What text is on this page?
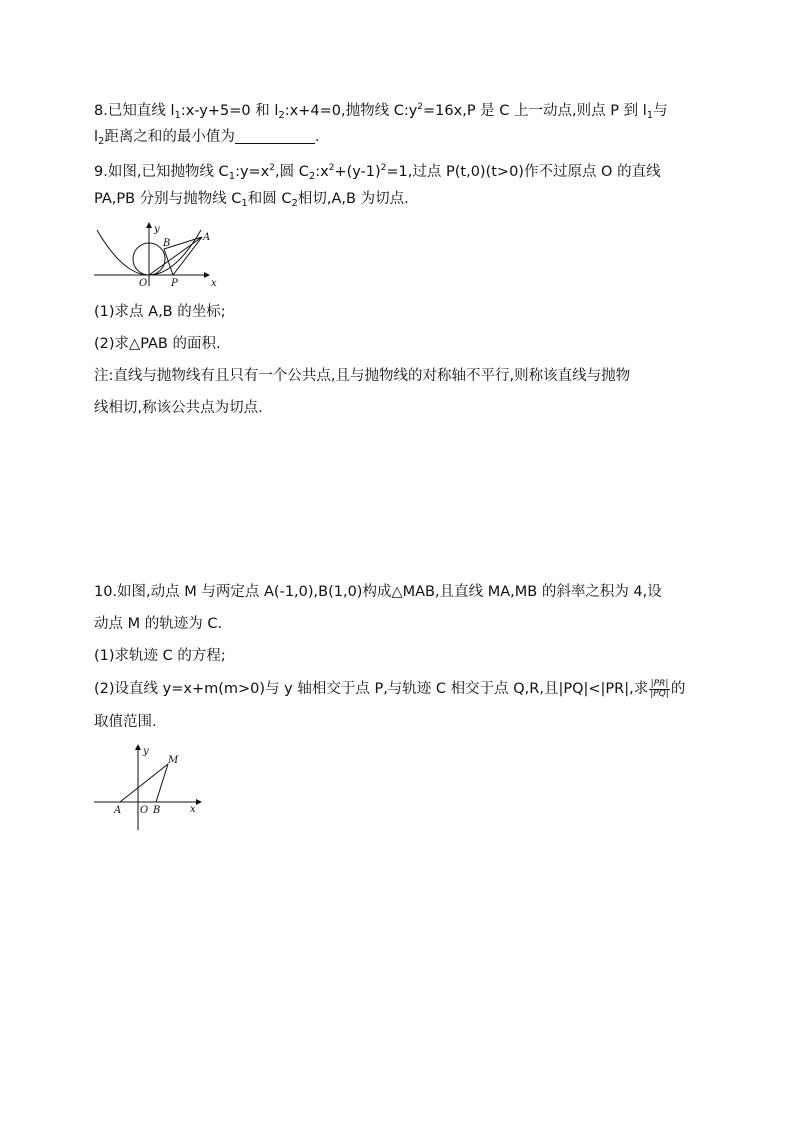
8.已知直线 $l_1:x-y+5=0$ 和 $l_2:x+4=0$,抛物线 $C:y^2=16x,P$ 是 C 上一动点,则点 P 到 $l_1$与
$l_2$距离之和的最小值为	.
9.如图,已知抛物线 $C_1:y=x^2$,圆 $C_2:x^2+(y-1)^2=1$,过点 P(t,0)(t>0)作不过原点 O 的直线
PA,PB 分别与抛物线 $C_1$和圆 $C_2$相切,A,B 为切点.
y
x
O P
A
B
(1)求点 A,B 的坐标;
(2)求△PAB 的面积.
注:直线与抛物线有且只有一个公共点,且与抛物线的对称轴不平行,则称该直线与抛物
线相切,称该公共点为切点.
10.如图,动点 M 与两定点 A(-1,0),B(1,0)构成△MAB,且直线 MA,MB 的斜率之积为 4,设
动点 M 的轨迹为 C.
(1)求轨迹 C 的方程;
(2)设直线 y=x+m(m>0)与 y 轴相交于点 P,与轨迹 C 相交于点 Q,R,且|PQ|<|PR|,求 $\frac{|PR|}{|PQ|}$ 的
取值范围.
y
x
O
A	B
M
